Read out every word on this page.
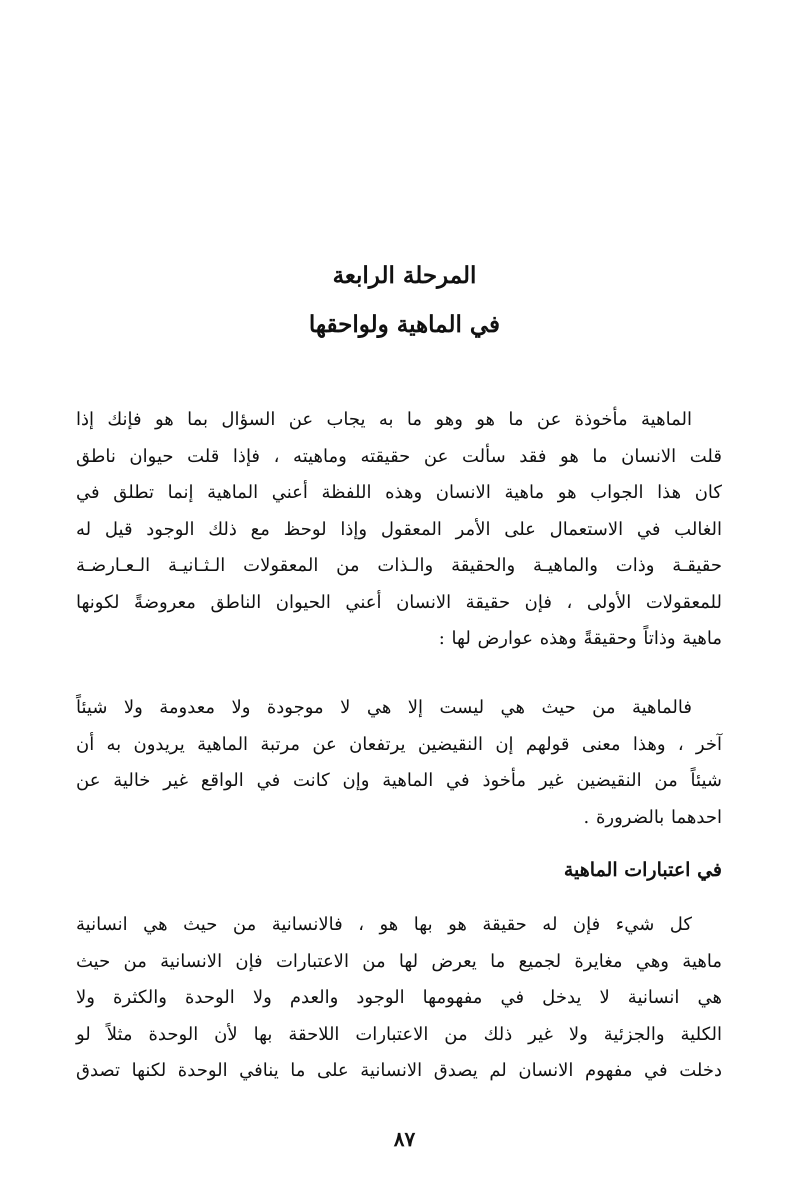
المرحلة الرابعة
في الماهية ولواحقها
الماهية مأخوذة عن ما هو وهو ما به يجاب عن السؤال بما هو فإنك إذا
قلت الانسان ما هو فقد سألت عن حقيقته وماهيته ، فإذا قلت حيوان ناطق
كان هذا الجواب هو ماهية الانسان وهذه اللفظة أعني الماهية إنما تطلق في
الغالب في الاستعمال على الأمر المعقول وإذا لوحظ مع ذلك الوجود قيل له
حقيقـة وذات والماهيـة والحقيقة والـذات من المعقولات الـثـانيـة الـعـارضـة
للمعقولات الأولى ، فإن حقيقة الانسان أعني الحيوان الناطق معروضةً لكونها
ماهية وذاتاً وحقيقةً وهذه عوارض لها :
فالماهية من حيث هي ليست إلا هي لا موجودة ولا معدومة ولا شيئاً
آخر ، وهذا معنى قولهم إن النقيضين يرتفعان عن مرتبة الماهية يريدون به أن
شيئاً من النقيضين غير مأخوذ في الماهية وإن كانت في الواقع غير خالية عن
احدهما بالضرورة .
في اعتبارات الماهية
كل شيء فإن له حقيقة هو بها هو ، فالانسانية من حيث هي انسانية
ماهية وهي مغايرة لجميع ما يعرض لها من الاعتبارات فإن الانسانية من حيث
هي انسانية لا يدخل في مفهومها الوجود والعدم ولا الوحدة والكثرة ولا
الكلية والجزئية ولا غير ذلك من الاعتبارات اللاحقة بها لأن الوحدة مثلاً لو
دخلت في مفهوم الانسان لم يصدق الانسانية على ما ينافي الوحدة لكنها تصدق
٨٧
